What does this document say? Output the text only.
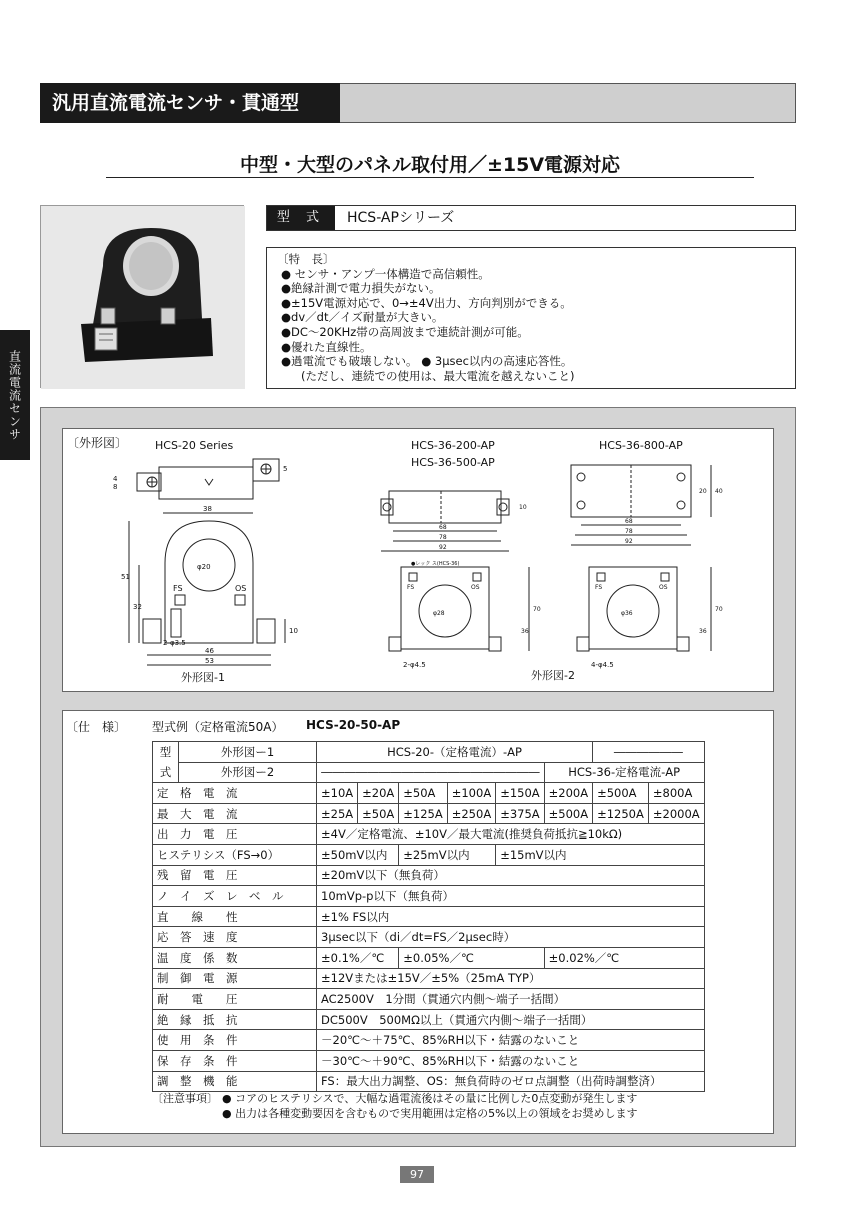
汎用直流電流センサ・貫通型
中型・大型のパネル取付用／±15V電源対応
直流電流センサ
型 式	HCS-APシリーズ
〔特　長〕
● センサ・アンプ一体構造で高信頼性。
●絶縁計測で電力損失がない。
●±15V電源対応で、0→±4V出力、方向判別ができる。
●dv／dt／イズ耐量が大きい。
●DC～20KHz帯の高周波まで連続計測が可能。
●優れた直線性。
●過電流でも破壊しない。 ● 3μsec以内の高速応答性。
(ただし、連続での使用は、最大電流を越えないこと)
〔外形図〕	HCS-20 Series	HCS-36-200-AP
HCS-36-500-AP
HCS-36-800-AP
4
8
5
38
φ20
FS	OS
46
53
2-φ3.5
51
32
10
外形図-1
68
78
92
10
●レック ス(HCS-36)
FS	OS
φ28
70
36
2-φ4.5
68
78
92
40
20
FS	OS
φ36
70
36
4-φ4.5
外形図-2
〔仕　様〕 型式例（定格電流50A） HCS-20-50-AP
型
式	外形図ー1	HCS-20-（定格電流）-AP						――――――	
	外形図ー2	―――――――――――――――――――					HCS-36-定格電流-AP		
定　格　電　流		±10A	±20A	±50A	±100A	±150A	±200A	±500A	±800A
最　大　電　流		±25A	±50A	±125A	±250A	±375A	±500A	±1250A	±2000A
出　力　電　圧		±4V／定格電流、±10V／最大電流(推奨負荷抵抗≧10kΩ)							
ヒステリシス（FS→0）		±50mV以内		±25mV以内		±15mV以内			
残　留　電　圧		±20mV以下（無負荷）							
ノ　イ　ズ　レ　ベ　ル		10mVp-p以下（無負荷）							
直　　線　　性		±1% FS以内							
応　答　速　度		3μsec以下（di／dt=FS／2μsec時）							
温　度　係　数		±0.1%／℃		±0.05%／℃			±0.02%／℃		
制　御　電　源		±12Vまたは±15V／±5%（25mA TYP）							
耐　　電　　圧		AC2500V　1分間（貫通穴内側～端子一括間）							
絶　縁　抵　抗		DC500V　500MΩ以上（貫通穴内側～端子一括間）							
使　用　条　件		－20℃～＋75℃、85%RH以下・結露のないこと							
保　存　条　件		－30℃～＋90℃、85%RH以下・結露のないこと							
調　整　機　能		FS：最大出力調整、OS：無負荷時のゼロ点調整（出荷時調整済）							
〔注意事項〕 ● コアのヒステリシスで、大幅な過電流後はその量に比例した0点変動が発生します
● 出力は各種変動要因を含むもので実用範囲は定格の5%以上の領域をお奨めします
97
